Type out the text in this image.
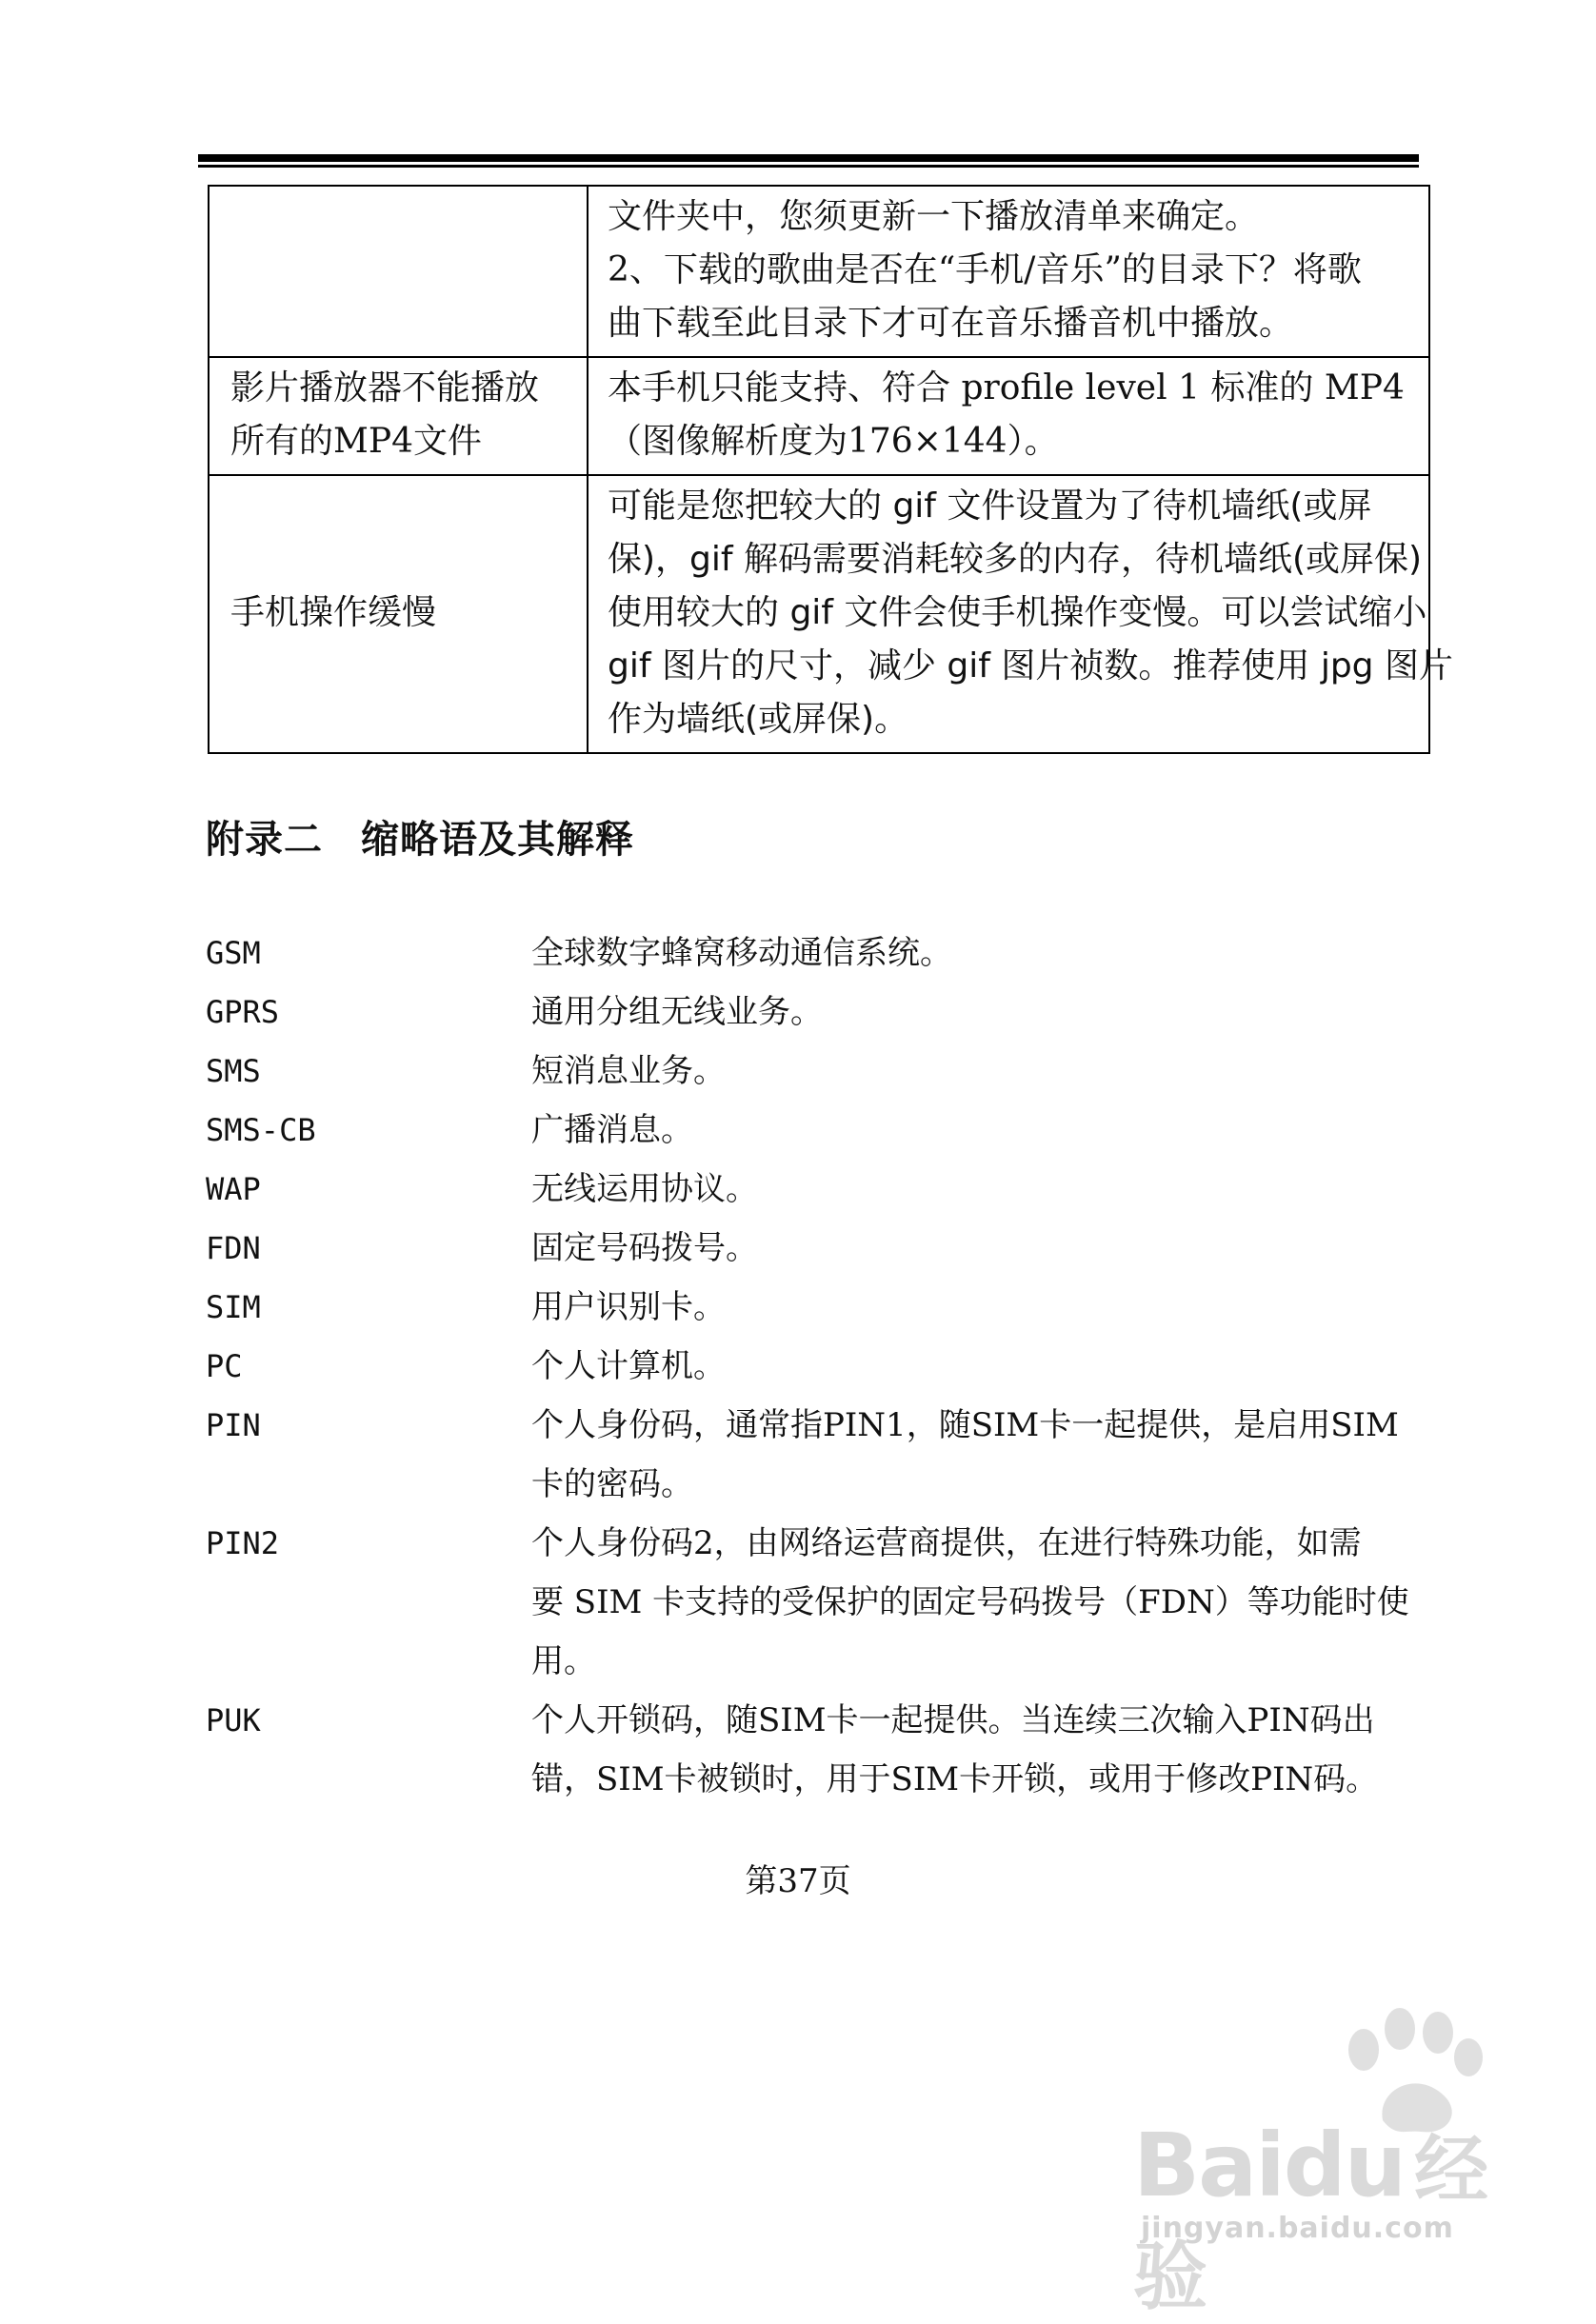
	文件夹中，您须更新一下播放清单来确定。
2、下载的歌曲是否在“手机/音乐”的目录下？将歌
曲下载至此目录下才可在音乐播音机中播放。

影片播放器不能播放所有的MP4文件	本手机只能支持、符合 profile level 1 标准的 MP4
（图像解析度为176×144）。

手机操作缓慢	可能是您把较大的 gif 文件设置为了待机墙纸(或屏
保)，gif 解码需要消耗较多的内存，待机墙纸(或屏保)
使用较大的 gif 文件会使手机操作变慢。可以尝试缩小
gif 图片的尺寸，减少 gif 图片祯数。推荐使用 jpg 图片
作为墙纸(或屏保)。
附录二 缩略语及其解释
GSM	全球数字蜂窝移动通信系统。
GPRS	通用分组无线业务。
SMS	短消息业务。
SMS-CB	广播消息。
WAP	无线运用协议。
FDN	固定号码拨号。
SIM	用户识别卡。
PC	个人计算机。
PIN	个人身份码，通常指PIN1，随SIM卡一起提供，是启用SIM
卡的密码。
PIN2	个人身份码2，由网络运营商提供，在进行特殊功能，如需
要 SIM 卡支持的受保护的固定号码拨号（FDN）等功能时使
用。
PUK	个人开锁码，随SIM卡一起提供。当连续三次输入PIN码出
错，SIM卡被锁时，用于SIM卡开锁，或用于修改PIN码。
第37页
Baidu 经验
jingyan.baidu.com
